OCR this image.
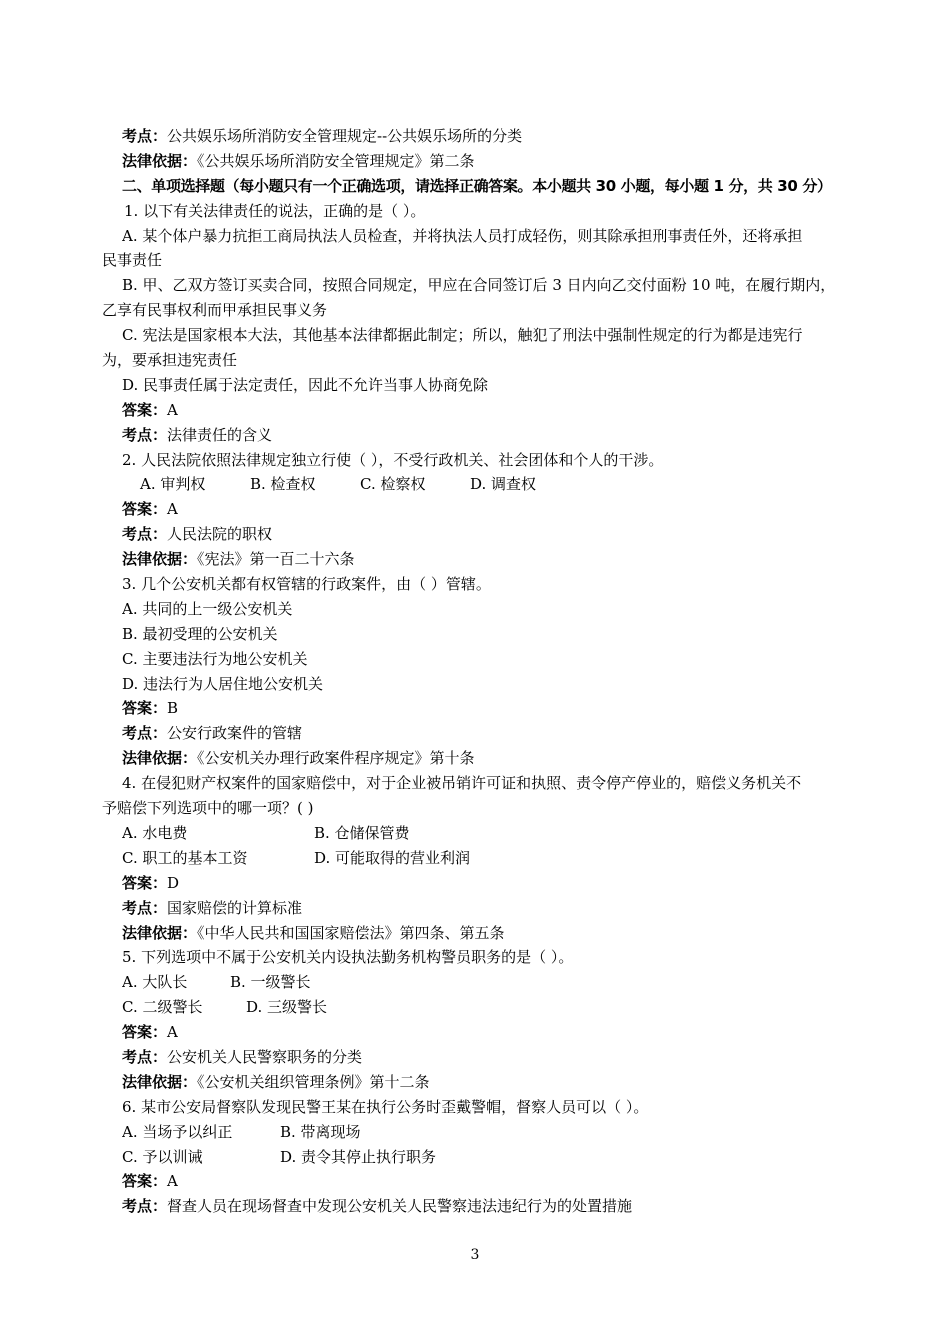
考点：公共娱乐场所消防安全管理规定--公共娱乐场所的分类
法律依据：《公共娱乐场所消防安全管理规定》第二条
二、单项选择题（每小题只有一个正确选项，请选择正确答案。本小题共 30 小题，每小题 1 分，共 30 分）
1. 以下有关法律责任的说法，正确的是（ ）。
A. 某个体户暴力抗拒工商局执法人员检查，并将执法人员打成轻伤，则其除承担刑事责任外，还将承担
民事责任
B. 甲、乙双方签订买卖合同，按照合同规定，甲应在合同签订后 3 日内向乙交付面粉 10 吨，在履行期内，
乙享有民事权利而甲承担民事义务
C. 宪法是国家根本大法，其他基本法律都据此制定；所以，触犯了刑法中强制性规定的行为都是违宪行
为，要承担违宪责任
D. 民事责任属于法定责任，因此不允许当事人协商免除
答案：A
考点：法律责任的含义
2. 人民法院依照法律规定独立行使（ ），不受行政机关、社会团体和个人的干涉。
A. 审判权	B. 检查权	C. 检察权	D. 调查权
答案：A
考点：人民法院的职权
法律依据：《宪法》第一百二十六条
3. 几个公安机关都有权管辖的行政案件，由（ ）管辖。
A. 共同的上一级公安机关
B. 最初受理的公安机关
C. 主要违法行为地公安机关
D. 违法行为人居住地公安机关
答案：B
考点：公安行政案件的管辖
法律依据：《公安机关办理行政案件程序规定》第十条
4. 在侵犯财产权案件的国家赔偿中，对于企业被吊销许可证和执照、责令停产停业的，赔偿义务机关不
予赔偿下列选项中的哪一项？( )
A. 水电费	B. 仓储保管费
C. 职工的基本工资	D. 可能取得的营业利润
答案：D
考点：国家赔偿的计算标准
法律依据：《中华人民共和国国家赔偿法》第四条、第五条
5. 下列选项中不属于公安机关内设执法勤务机构警员职务的是（ ）。
A. 大队长	B. 一级警长
C. 二级警长	D. 三级警长
答案：A
考点：公安机关人民警察职务的分类
法律依据：《公安机关组织管理条例》第十二条
6. 某市公安局督察队发现民警王某在执行公务时歪戴警帽，督察人员可以（ ）。
A. 当场予以纠正	B. 带离现场
C. 予以训诫	D. 责令其停止执行职务
答案：A
考点：督查人员在现场督查中发现公安机关人民警察违法违纪行为的处置措施
3
